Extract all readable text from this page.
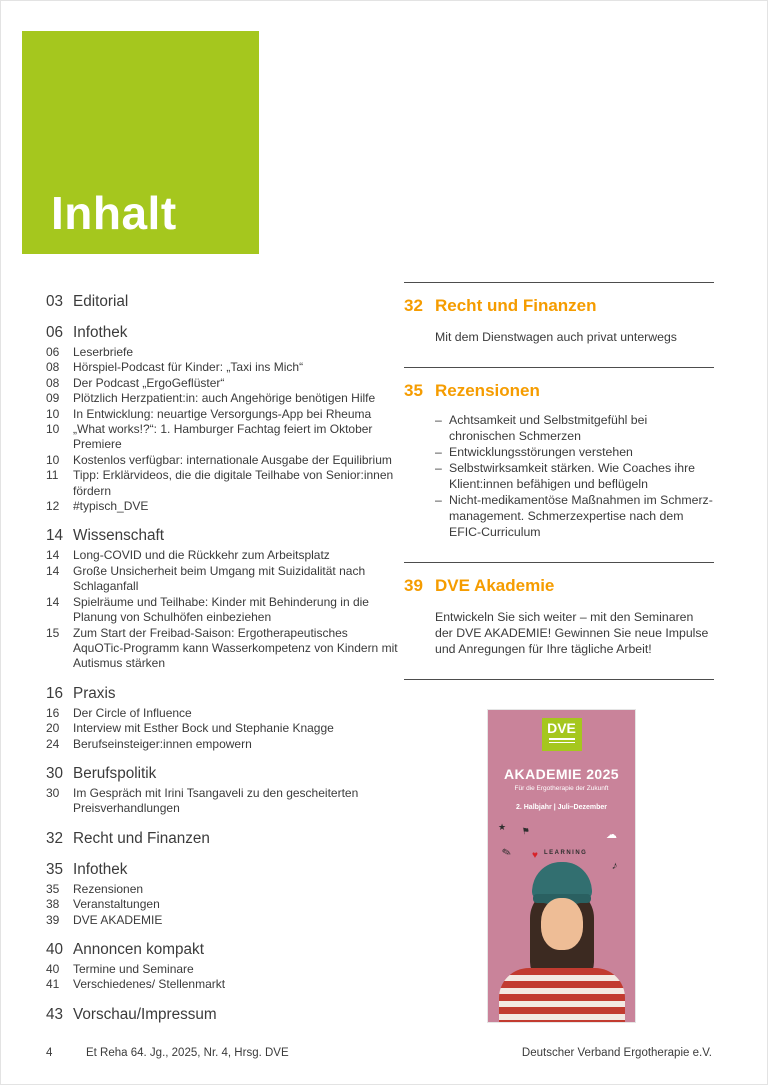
Inhalt
03 Editorial
06 Infothek
06	Leserbriefe
08	Hörspiel-Podcast für Kinder: „Taxi ins Mich“
08	Der Podcast „ErgoGeflüster“
09	Plötzlich Herzpatient:in: auch Angehörige benötigen Hilfe
10	In Entwicklung: neuartige Versorgungs-App bei Rheuma
10	„What works!?“: 1. Hamburger Fachtag feiert im Oktober Premiere
10	Kostenlos verfügbar: internationale Ausgabe der Equilibrium
11	Tipp: Erklärvideos, die die digitale Teilhabe von Senior:innen fördern
12	#typisch_DVE
14 Wissenschaft
14	Long-COVID und die Rückkehr zum Arbeitsplatz
14	Große Unsicherheit beim Umgang mit Suizidalität nach Schlaganfall
14	Spielräume und Teilhabe: Kinder mit Behinderung in die Planung von Schulhöfen einbeziehen
15	Zum Start der Freibad-Saison: Ergotherapeutisches AquOTic-Programm kann Wasserkompetenz von Kindern mit Autismus stärken
16 Praxis
16	Der Circle of Influence
20	Interview mit Esther Bock und Stephanie Knagge
24	Berufseinsteiger:innen empowern
30 Berufspolitik
30	Im Gespräch mit Irini Tsangaveli zu den gescheiterten Preisverhandlungen
32 Recht und Finanzen
35 Infothek
35	Rezensionen
38	Veranstaltungen
39	DVE AKADEMIE
40 Annoncen kompakt
40	Termine und Seminare
41	Verschiedenes/ Stellenmarkt
43 Vorschau/Impressum
32 Recht und Finanzen
Mit dem Dienstwagen auch privat unterwegs
35 Rezensionen
– Achtsamkeit und Selbstmitgefühl bei chronischen Schmerzen
– Entwicklungsstörungen verstehen
– Selbstwirksamkeit stärken. Wie Coaches ihre Klient:innen befähigen und beflügeln
– Nicht-medikamentöse Maßnahmen im Schmerz-management. Schmerzexpertise nach dem EFIC-Curriculum
39 DVE Akademie
Entwickeln Sie sich weiter – mit den Seminaren der DVE AKADEMIE! Gewinnen Sie neue Impulse und Anregungen für Ihre tägliche Arbeit!
DVE
AKADEMIE 2025
Für die Ergotherapie der Zukunft
2. Halbjahr | Juli–Dezember
LEARNING
✎
☁
★
♪
⚑
♥
4	Et Reha 64. Jg., 2025, Nr. 4, Hrsg. DVE	Deutscher Verband Ergotherapie e.V.
